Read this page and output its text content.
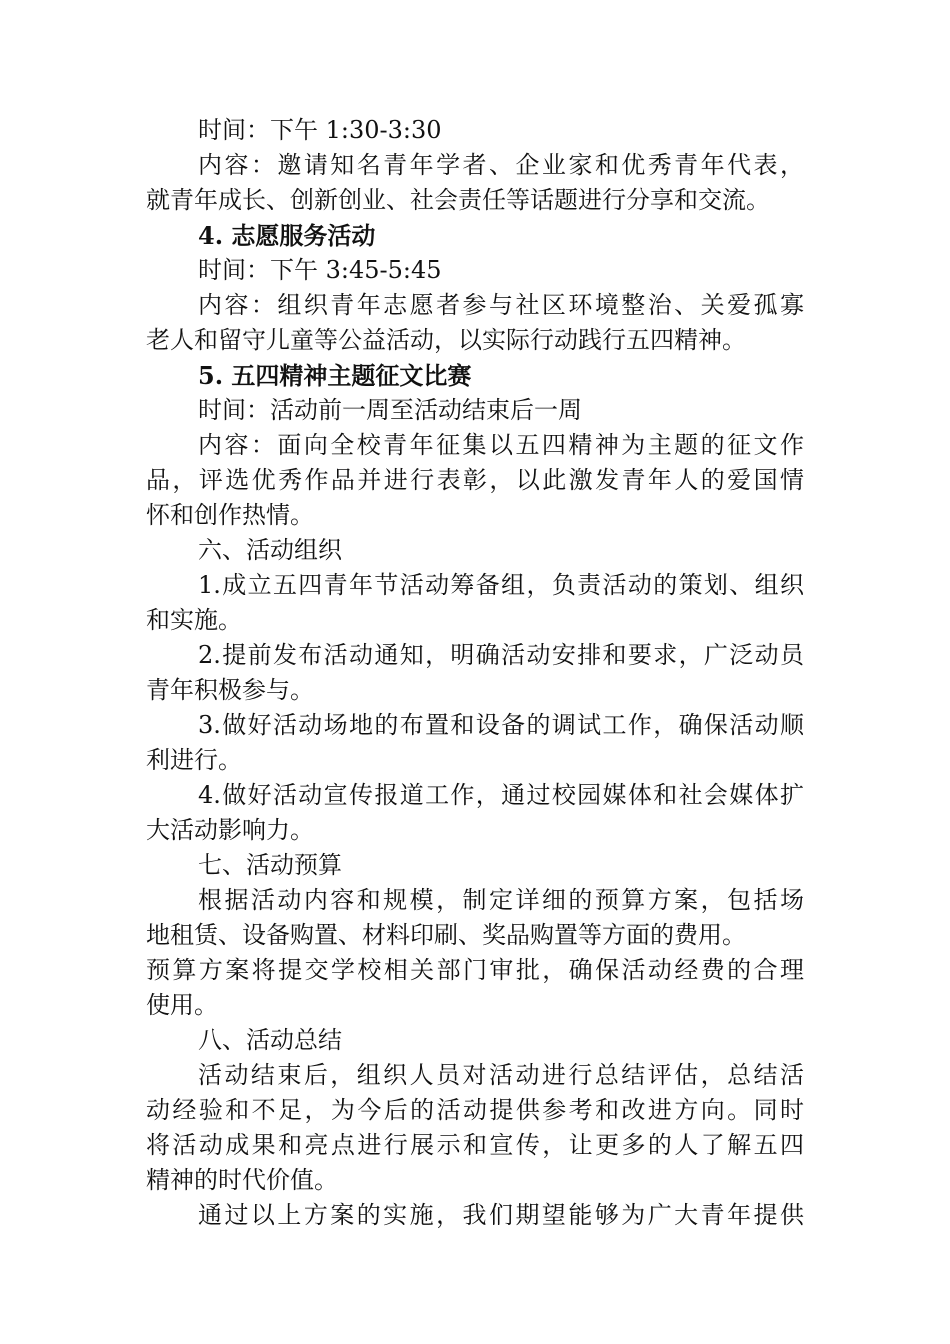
时间：下午 1:30-3:30
内容：邀请知名青年学者、企业家和优秀青年代表，
就青年成长、创新创业、社会责任等话题进行分享和交流。
4. 志愿服务活动
时间：下午 3:45-5:45
内容：组织青年志愿者参与社区环境整治、关爱孤寡
老人和留守儿童等公益活动，以实际行动践行五四精神。
5. 五四精神主题征文比赛
时间：活动前一周至活动结束后一周
内容：面向全校青年征集以五四精神为主题的征文作
品，评选优秀作品并进行表彰，以此激发青年人的爱国情
怀和创作热情。
六、活动组织
1.成立五四青年节活动筹备组，负责活动的策划、组织
和实施。
2.提前发布活动通知，明确活动安排和要求，广泛动员
青年积极参与。
3.做好活动场地的布置和设备的调试工作，确保活动顺
利进行。
4.做好活动宣传报道工作，通过校园媒体和社会媒体扩
大活动影响力。
七、活动预算
根据活动内容和规模，制定详细的预算方案，包括场
地租赁、设备购置、材料印刷、奖品购置等方面的费用。
预算方案将提交学校相关部门审批，确保活动经费的合理
使用。
八、活动总结
活动结束后，组织人员对活动进行总结评估，总结活
动经验和不足，为今后的活动提供参考和改进方向。同时
将活动成果和亮点进行展示和宣传，让更多的人了解五四
精神的时代价值。
通过以上方案的实施，我们期望能够为广大青年提供
